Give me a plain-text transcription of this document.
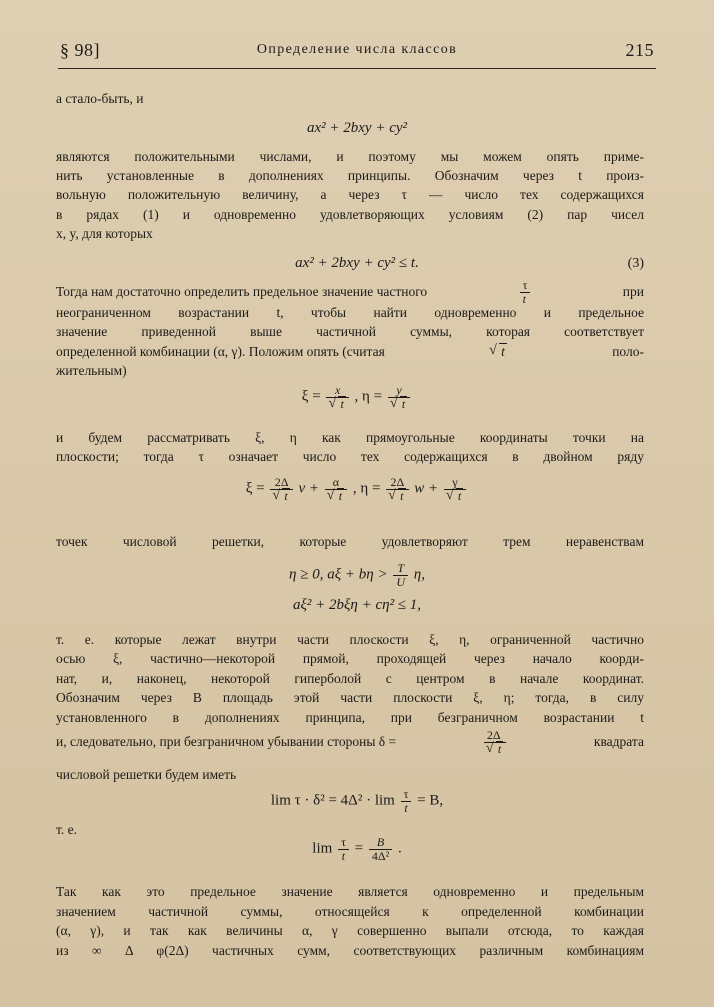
§ 98]	Определение числа классов	215
а стало-быть, и
ax² + 2bxy + cy²
являются положительными числами, и поэтому мы можем опять приме-
нить установленные в дополнениях принципы. Обозначим через t произ-
вольную положительную величину, а через τ — число тех содержащихся
в рядах (1) и одновременно удовлетворяющих условиям (2) пар чисел
x, y, для которых
ax² + 2bxy + cy² ≤ t.	(3)
Тогда нам достаточно определить предельное значение частного	$\frac{\tau}{t}$	при
неограниченном возрастании t, чтобы найти одновременно и предельное
значение приведенной выше частичной суммы, которая соответствует
определенной комбинации (α, γ). Положим опять (считая
√	t	поло-
жительным)
ξ = x
√ t , η = y
√ t
и будем рассматривать ξ, η как прямоугольные координаты точки на
плоскости; тогда τ означает число тех содержащихся в двойном ряду
ξ = 2Δ
√ t v + α
√ t , η = 2Δ
√ t w + γ
√ t
точек числовой решетки, которые удовлетворяют трем неравенствам
η ≥ 0, $a\xi + b\eta > \frac{T}{U} \eta$,
aξ² + 2bξη + cη² ≤ 1,
т. е. которые лежат внутри части плоскости ξ, η, ограниченной частично
осью ξ, частично—некоторой прямой, проходящей через начало коорди-
нат, и, наконец, некоторой гиперболой с центром в начале координат.
Обозначим через B площадь этой части плоскости ξ, η; тогда, в силу
установленного в дополнениях принципа, при безграничном возрастании t
и, следовательно, при безграничном убывании стороны δ =	2Δ
√ t	квадрата
числовой решетки будем иметь
$\lim \tau \cdot \delta^2 = 4\Delta^2 \cdot \lim \frac{\tau}{t} = B$,
т. е.
$\lim \frac{\tau}{t} = \frac{B}{\text{4Δ²}}$ .
Так как это предельное значение является одновременно и предельным
значением частичной суммы, относящейся к определенной комбинации
(α, γ), и так как величины α, γ совершенно выпали отсюда, то каждая
из ∞ Δ φ(2Δ) частичных сумм, соответствующих различным комбинациям
